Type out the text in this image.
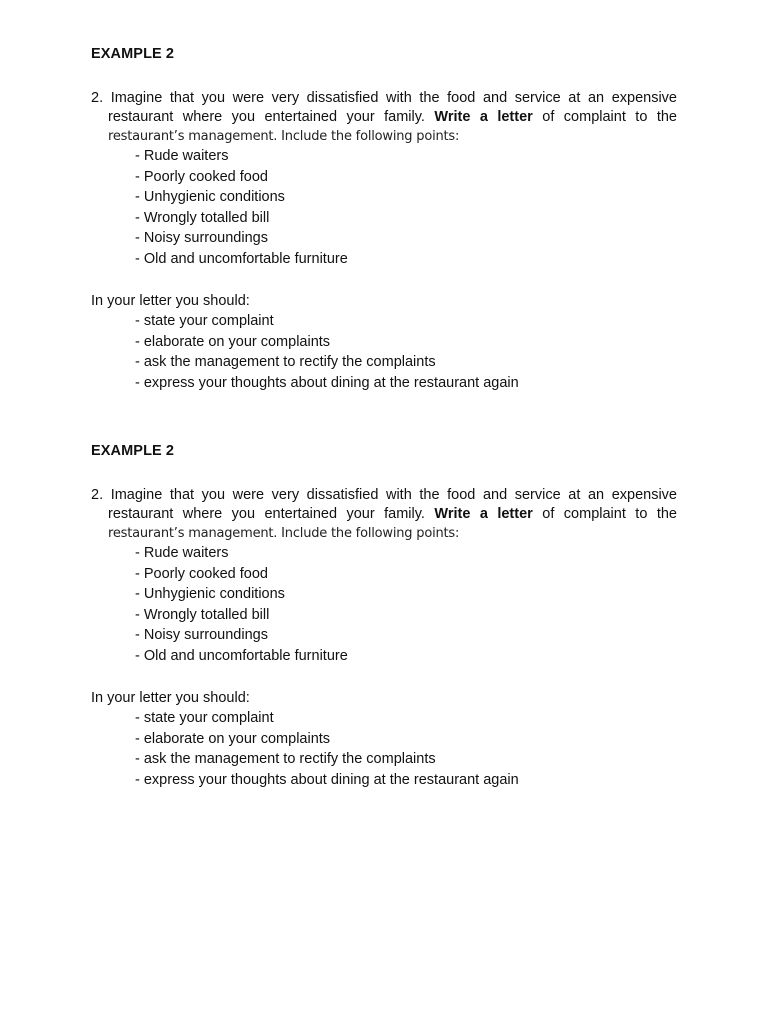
EXAMPLE 2
2. Imagine that you were very dissatisfied with the food and service at an expensive
restaurant where you entertained your family. Write a letter of complaint to the
restaurant’s management. Include the following points:
- Rude waiters
- Poorly cooked food
- Unhygienic conditions
- Wrongly totalled bill
- Noisy surroundings
- Old and uncomfortable furniture
In your letter you should:
- state your complaint
- elaborate on your complaints
- ask the management to rectify the complaints
- express your thoughts about dining at the restaurant again
EXAMPLE 2
2. Imagine that you were very dissatisfied with the food and service at an expensive
restaurant where you entertained your family. Write a letter of complaint to the
restaurant’s management. Include the following points:
- Rude waiters
- Poorly cooked food
- Unhygienic conditions
- Wrongly totalled bill
- Noisy surroundings
- Old and uncomfortable furniture
In your letter you should:
- state your complaint
- elaborate on your complaints
- ask the management to rectify the complaints
- express your thoughts about dining at the restaurant again
